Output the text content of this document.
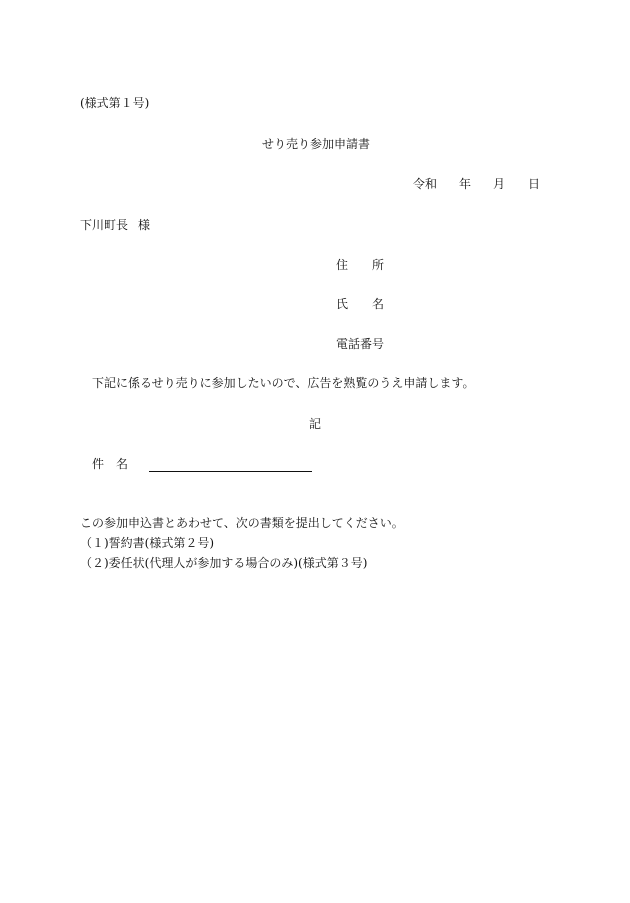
(様式第１号)
せり売り参加申請書
令和 年 月 日
下川町長 様
住　　所
氏　　名
電話番号
下記に係るせり売りに参加したいので、広告を熟覧のうえ申請します。
記
件　名
この参加申込書とあわせて、次の書類を提出してください。
（１)誓約書(様式第２号)
（２)委任状(代理人が参加する場合のみ)(様式第３号)
